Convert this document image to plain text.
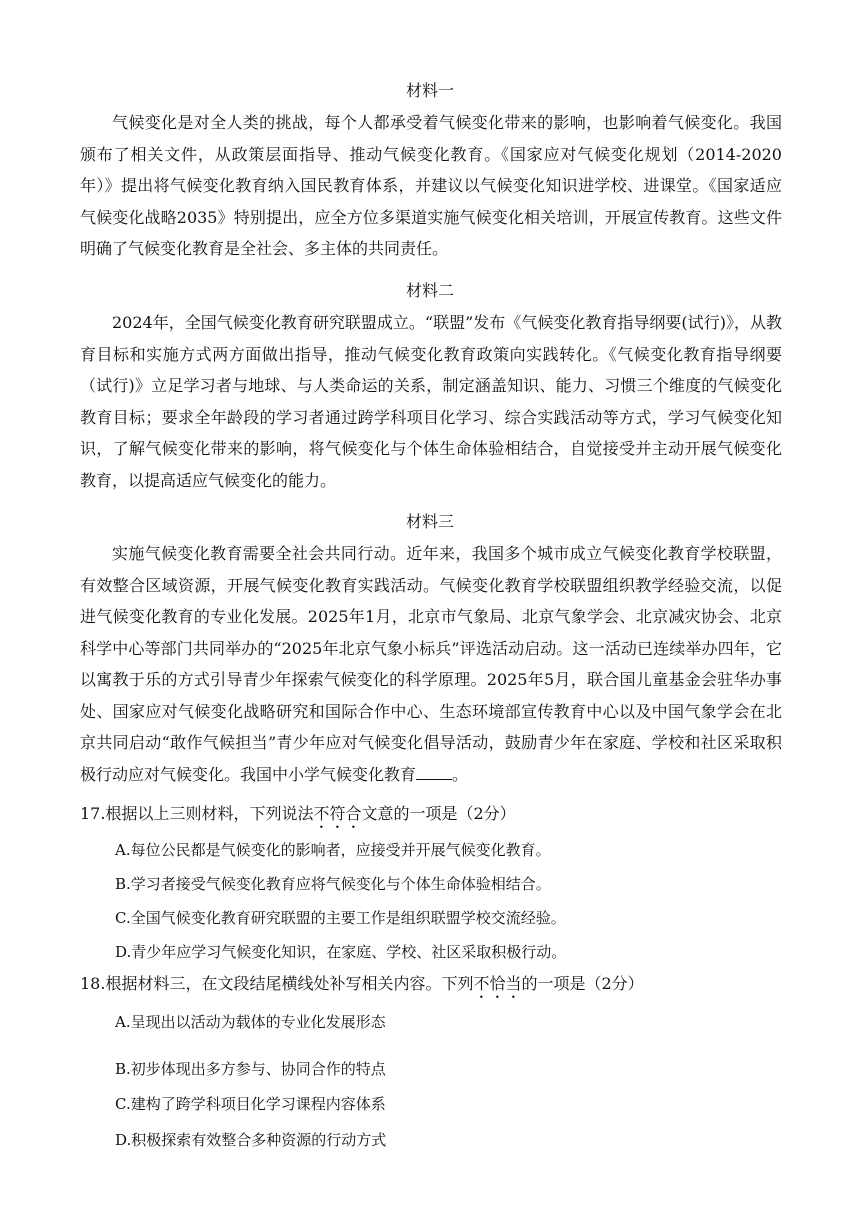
材料一

气候变化是对全人类的挑战，每个人都承受着气候变化带来的影响，也影响着气候变化。我国颁布了相关文件，从政策层面指导、推动气候变化教育。《国家应对气候变化规划（2014-2020年）》提出将气候变化教育纳入国民教育体系，并建议以气候变化知识进学校、进课堂。《国家适应气候变化战略2035》特别提出，应全方位多渠道实施气候变化相关培训，开展宣传教育。这些文件明确了气候变化教育是全社会、多主体的共同责任。

材料二

2024年，全国气候变化教育研究联盟成立。“联盟”发布《气候变化教育指导纲要(试行)》，从教育目标和实施方式两方面做出指导，推动气候变化教育政策向实践转化。《气候变化教育指导纲要（试行)》立足学习者与地球、与人类命运的关系，制定涵盖知识、能力、习惯三个维度的气候变化教育目标；要求全年龄段的学习者通过跨学科项目化学习、综合实践活动等方式，学习气候变化知识，了解气候变化带来的影响，将气候变化与个体生命体验相结合，自觉接受并主动开展气候变化教育，以提高适应气候变化的能力。

材料三

实施气候变化教育需要全社会共同行动。近年来，我国多个城市成立气候变化教育学校联盟，有效整合区域资源，开展气候变化教育实践活动。气候变化教育学校联盟组织教学经验交流，以促进气候变化教育的专业化发展。2025年1月，北京市气象局、北京气象学会、北京减灾协会、北京科学中心等部门共同举办的“2025年北京气象小标兵”评选活动启动。这一活动已连续举办四年，它以寓教于乐的方式引导青少年探索气候变化的科学原理。2025年5月，联合国儿童基金会驻华办事处、国家应对气候变化战略研究和国际合作中心、生态环境部宣传教育中心以及中国气象学会在北京共同启动“敢作气候担当”青少年应对气候变化倡导活动，鼓励青少年在家庭、学校和社区采取积极行动应对气候变化。我国中小学气候变化教育 。

17.根据以上三则材料，下列说法不符合文意的一项是（2分）
A.每位公民都是气候变化的影响者，应接受并开展气候变化教育。
B.学习者接受气候变化教育应将气候变化与个体生命体验相结合。
C.全国气候变化教育研究联盟的主要工作是组织联盟学校交流经验。
D.青少年应学习气候变化知识，在家庭、学校、社区采取积极行动。
18.根据材料三，在文段结尾横线处补写相关内容。下列不恰当的一项是（2分）
A.呈现出以活动为载体的专业化发展形态
B.初步体现出多方参与、协同合作的特点
C.建构了跨学科项目化学习课程内容体系
D.积极探索有效整合多种资源的行动方式
